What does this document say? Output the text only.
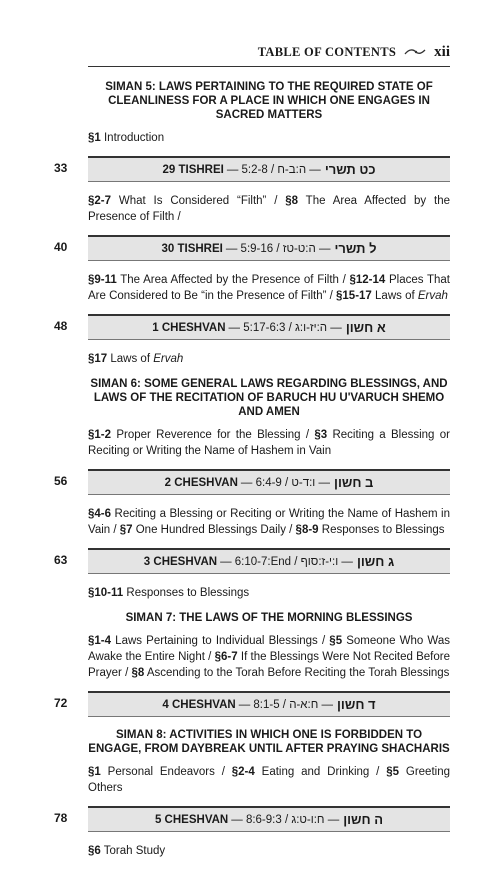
TABLE OF CONTENTS	xii
SIMAN 5: LAWS PERTAINING TO THE REQUIRED STATE OF CLEANLINESS FOR A PLACE IN WHICH ONE ENGAGES IN SACRED MATTERS
§1 Introduction
33	29 TISHREI — 5:2-8 / ה:ב-ח — כט תשרי
§2-7 What Is Considered “Filth” / §8 The Area Affected by the Presence of Filth /
40	30 TISHREI — 5:9-16 / ה:ט-טז — ל תשרי
§9-11 The Area Affected by the Presence of Filth / §12-14 Places That Are Considered to Be “in the Presence of Filth” / §15-17 Laws of Ervah
48	1 CHESHVAN — 5:17-6:3 / ה:יז-ו:ג — א חשון
§17 Laws of Ervah
SIMAN 6: SOME GENERAL LAWS REGARDING BLESSINGS, AND LAWS OF THE RECITATION OF BARUCH HU U'VARUCH SHEMO AND AMEN
§1-2 Proper Reverence for the Blessing / §3 Reciting a Blessing or Reciting or Writing the Name of Hashem in Vain
56	2 CHESHVAN — 6:4-9 / ו:ד-ט — ב חשון
§4-6 Reciting a Blessing or Reciting or Writing the Name of Hashem in Vain / §7 One Hundred Blessings Daily / §8-9 Responses to Blessings
63	3 CHESHVAN — 6:10-7:End / ו:י-ז:סוף — ג חשון
§10-11 Responses to Blessings
SIMAN 7: THE LAWS OF THE MORNING BLESSINGS
§1-4 Laws Pertaining to Individual Blessings / §5 Someone Who Was Awake the Entire Night / §6-7 If the Blessings Were Not Recited Before Prayer / §8 Ascending to the Torah Before Reciting the Torah Blessings
72	4 CHESHVAN — 8:1-5 / ח:א-ה — ד חשון
SIMAN 8: ACTIVITIES IN WHICH ONE IS FORBIDDEN TO ENGAGE, FROM DAYBREAK UNTIL AFTER PRAYING SHACHARIS
§1 Personal Endeavors / §2-4 Eating and Drinking / §5 Greeting Others
78	5 CHESHVAN — 8:6-9:3 / ח:ו-ט:ג — ה חשון
§6 Torah Study
